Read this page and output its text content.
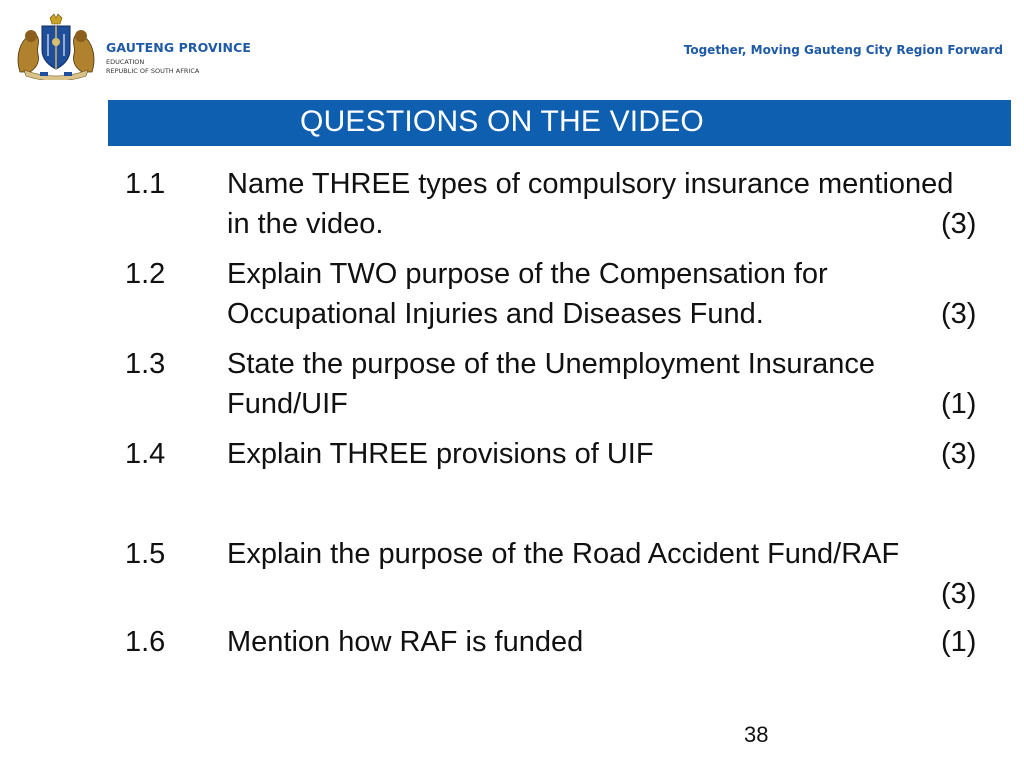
GAUTENG PROVINCE
EDUCATION
REPUBLIC OF SOUTH AFRICA
Together, Moving Gauteng City Region Forward
QUESTIONS ON THE VIDEO
1.1 Name THREE types of compulsory insurance mentioned
in the video.	(3)
1.2 Explain TWO purpose of the Compensation for
Occupational Injuries and Diseases Fund.	(3)
1.3 State the purpose of the Unemployment Insurance
Fund/UIF	(1)
1.4 Explain THREE provisions of UIF	(3)
1.5 Explain the purpose of the Road Accident Fund/RAF
(3)
1.6 Mention how RAF is funded	(1)
38
